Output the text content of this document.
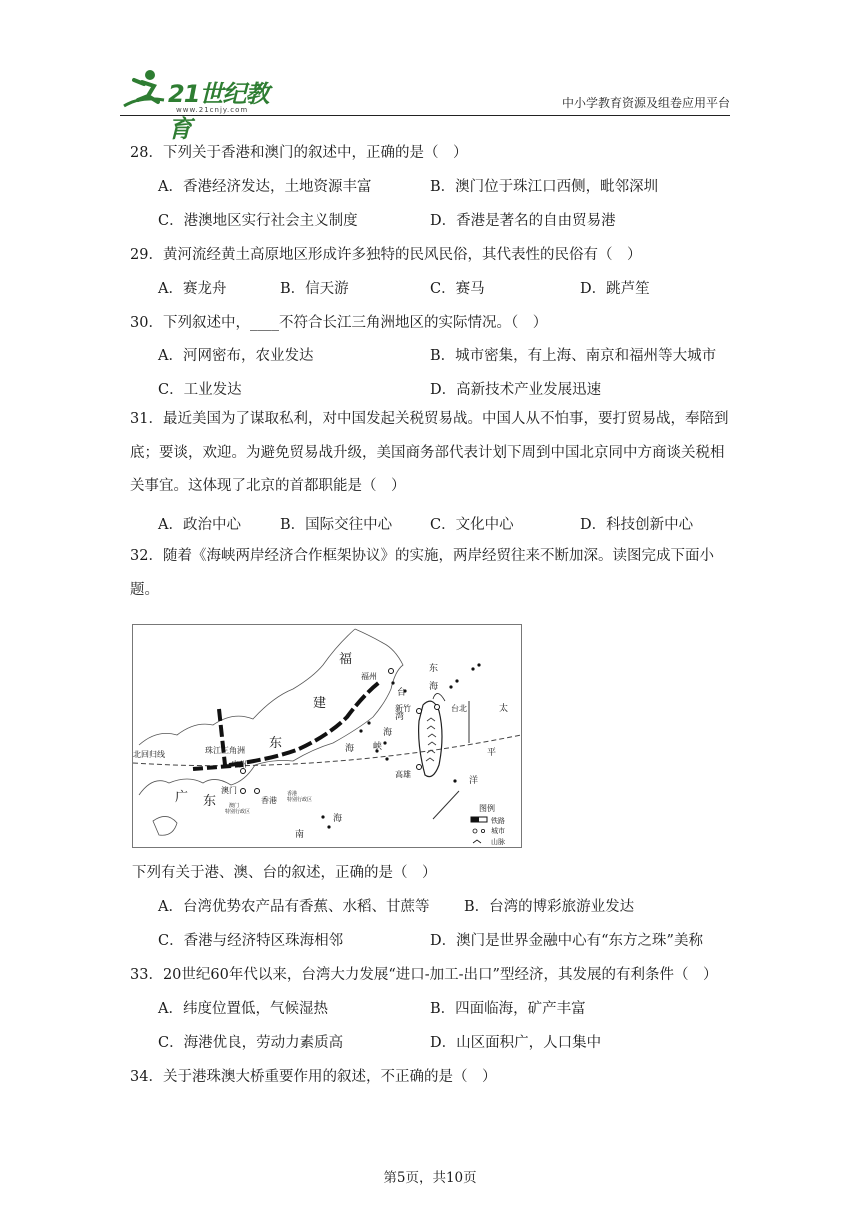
21世纪教育
www.21cnjy.com	中小学教育资源及组卷应用平台
28．下列关于香港和澳门的叙述中，正确的是（　）
A．香港经济发达，土地资源丰富	B．澳门位于珠江口西侧，毗邻深圳
C．港澳地区实行社会主义制度	D．香港是著名的自由贸易港
29．黄河流经黄土高原地区形成许多独特的民风民俗，其代表性的民俗有（　）
A．赛龙舟	B．信天游	C．赛马	D．跳芦笙
30．下列叙述中，____不符合长江三角洲地区的实际情况。（　）
A．河网密布，农业发达	B．城市密集，有上海、南京和福州等大城市
C．工业发达	D．高新技术产业发展迅速
31．最近美国为了谋取私利，对中国发起关税贸易战。中国人从不怕事，要打贸易战，奉陪到底；要谈，欢迎。为避免贸易战升级，美国商务部代表计划下周到中国北京同中方商谈关税相关事宜。这体现了北京的首都职能是（　）
A．政治中心	B．国际交往中心	C．文化中心	D．科技创新中心
32．随着《海峡两岸经济合作框架协议》的实施，两岸经贸往来不断加深。读图完成下面小题。
福
建
东
广 东
台
湾
海
峡
东
海
太
平
洋
南
海
海
福州
新竹	台北
高雄
珠江三角洲
广州
澳门
香港
北回归线
图例
香港
特别行政区
澳门
特别行政区
铁路
城市
山脉
下列有关于港、澳、台的叙述，正确的是（　）
A．台湾优势农产品有香蕉、水稻、甘蔗等 B．台湾的博彩旅游业发达
C．香港与经济特区珠海相邻	D．澳门是世界金融中心有“东方之珠”美称
33．20世纪60年代以来，台湾大力发展“进口-加工-出口”型经济，其发展的有利条件（　）
A．纬度位置低，气候湿热	B．四面临海，矿产丰富
C．海港优良，劳动力素质高	D．山区面积广，人口集中
34．关于港珠澳大桥重要作用的叙述，不正确的是（　）
第5页，共10页
